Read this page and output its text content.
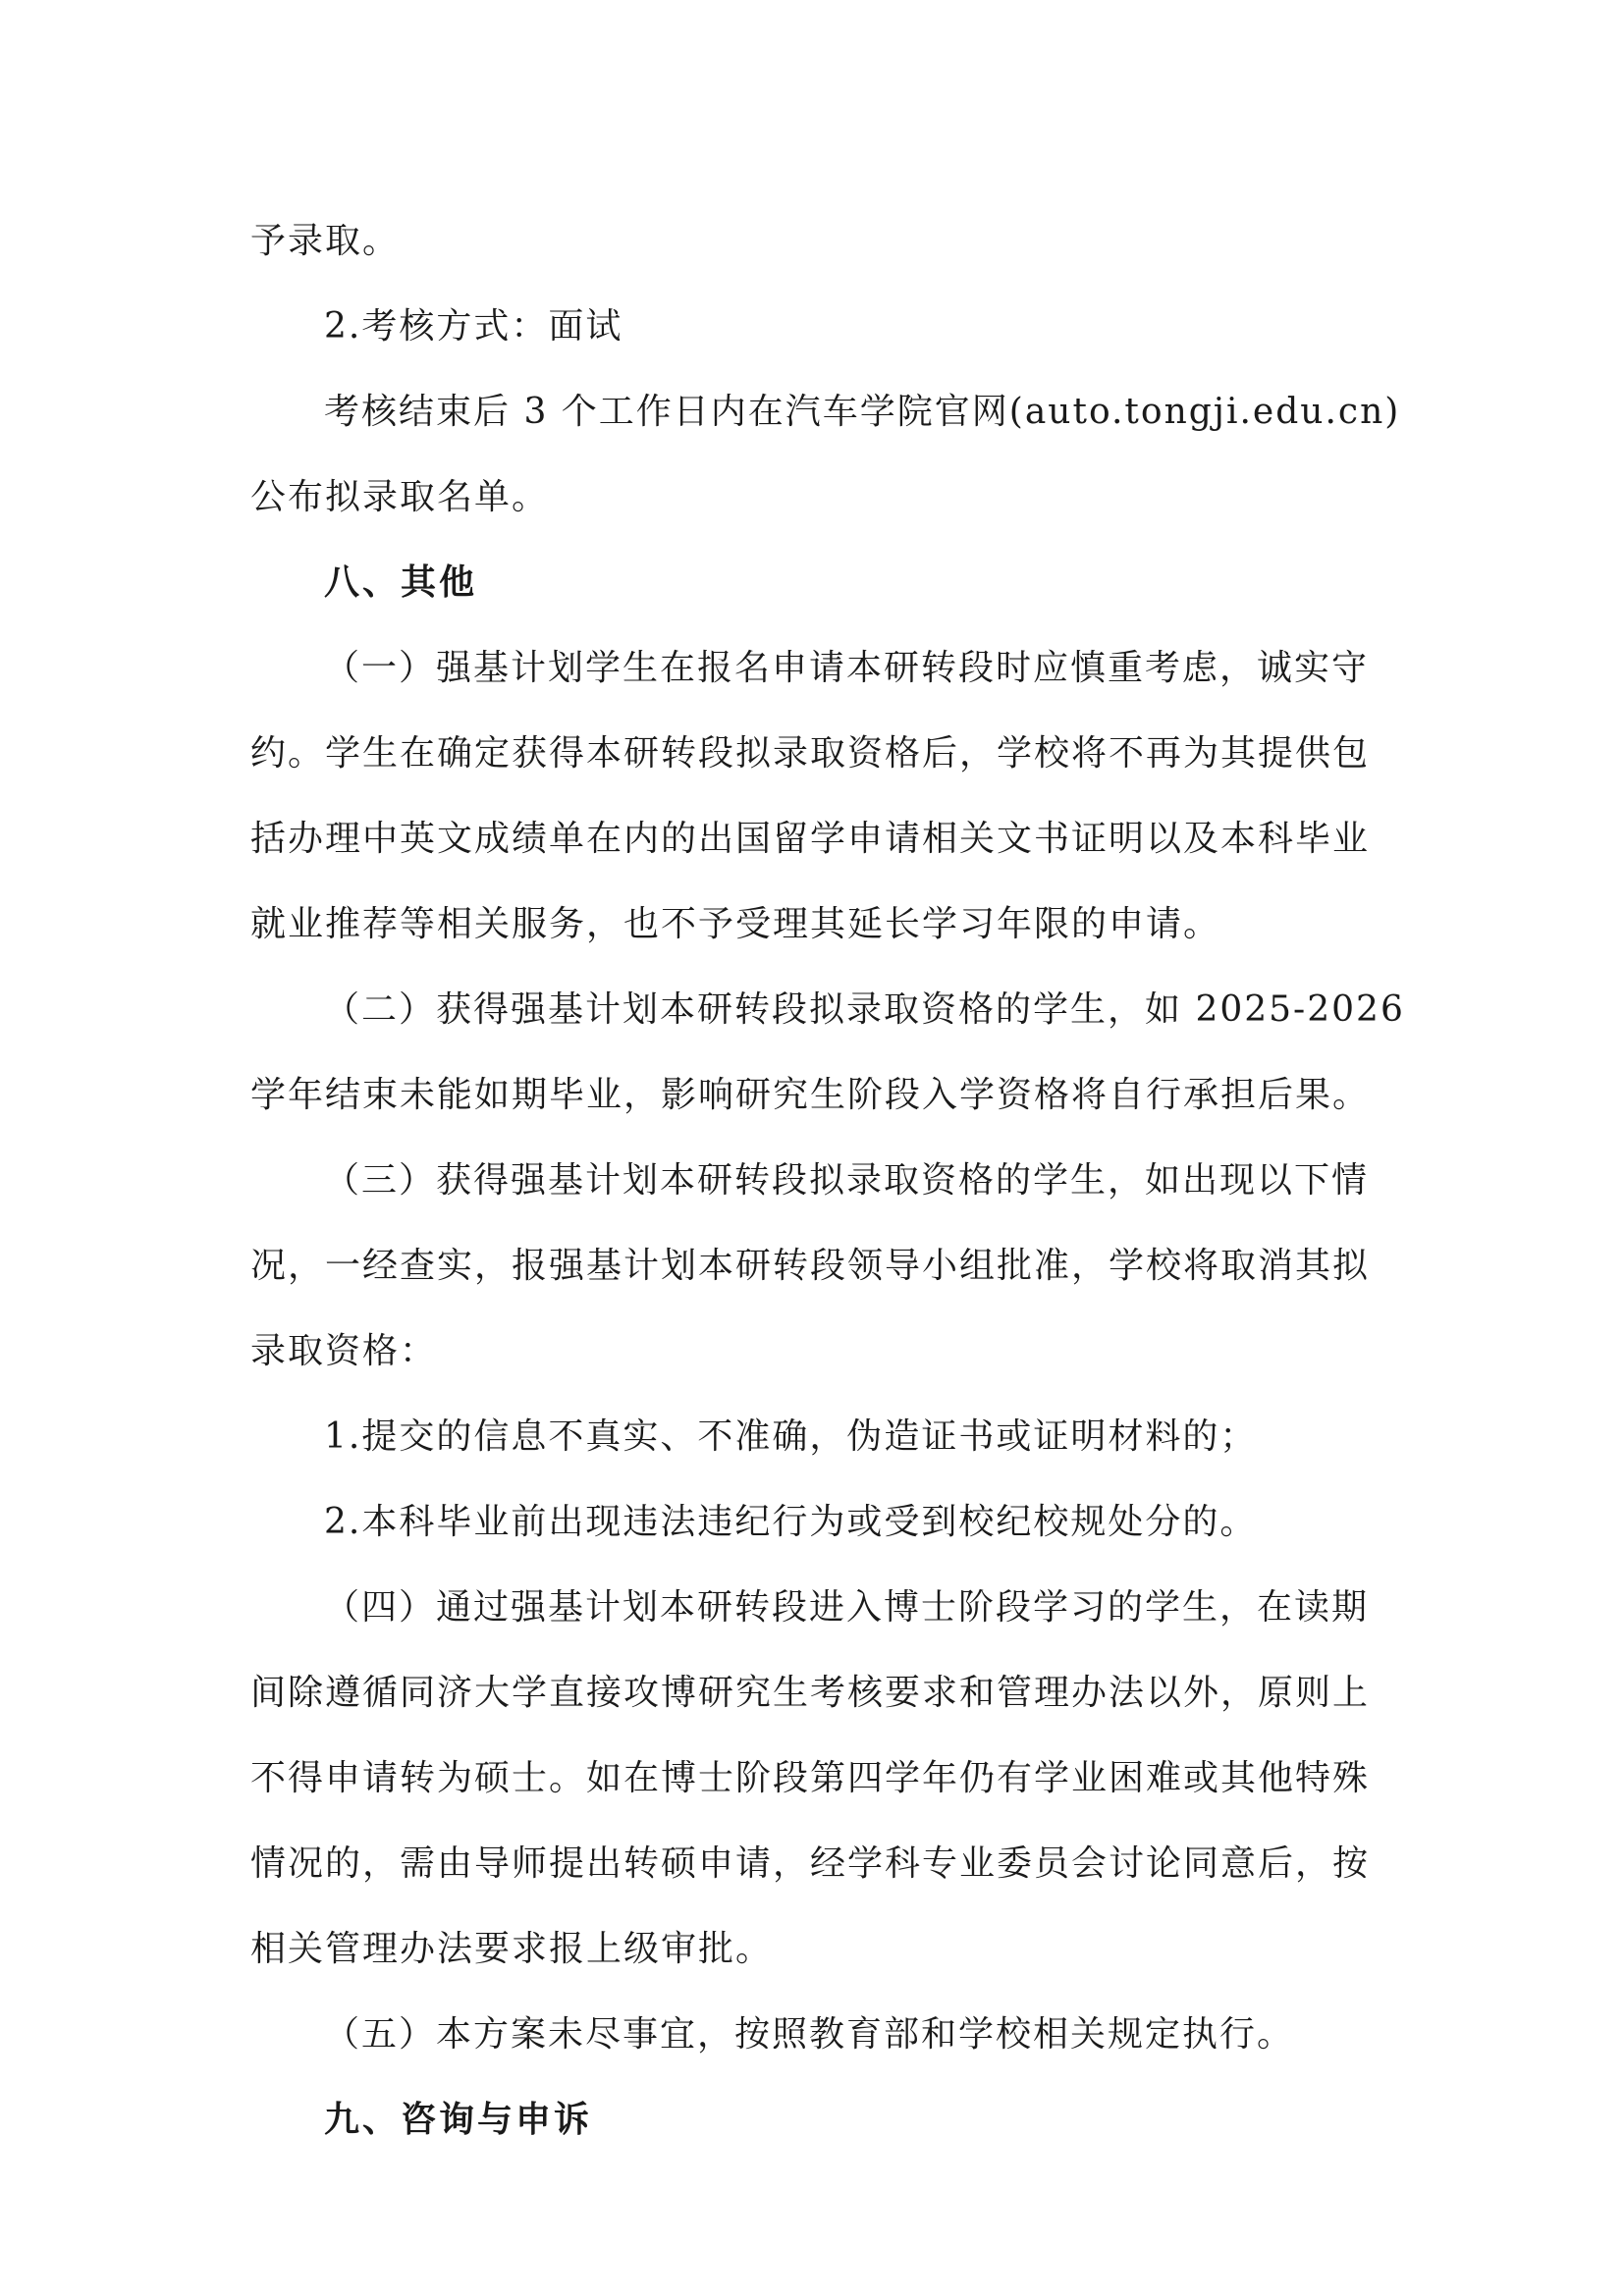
予录取。
2.考核方式：面试
考核结束后 3 个工作日内在汽车学院官网(auto.tongji.edu.cn)
公布拟录取名单。
八、其他
（一）强基计划学生在报名申请本研转段时应慎重考虑，诚实守
约。学生在确定获得本研转段拟录取资格后，学校将不再为其提供包
括办理中英文成绩单在内的出国留学申请相关文书证明以及本科毕业
就业推荐等相关服务，也不予受理其延长学习年限的申请。
（二）获得强基计划本研转段拟录取资格的学生，如 2025-2026
学年结束未能如期毕业，影响研究生阶段入学资格将自行承担后果。
（三）获得强基计划本研转段拟录取资格的学生，如出现以下情
况，一经查实，报强基计划本研转段领导小组批准，学校将取消其拟
录取资格：
1.提交的信息不真实、不准确，伪造证书或证明材料的；
2.本科毕业前出现违法违纪行为或受到校纪校规处分的。
（四）通过强基计划本研转段进入博士阶段学习的学生，在读期
间除遵循同济大学直接攻博研究生考核要求和管理办法以外，原则上
不得申请转为硕士。如在博士阶段第四学年仍有学业困难或其他特殊
情况的，需由导师提出转硕申请，经学科专业委员会讨论同意后，按
相关管理办法要求报上级审批。
（五）本方案未尽事宜，按照教育部和学校相关规定执行。
九、咨询与申诉
